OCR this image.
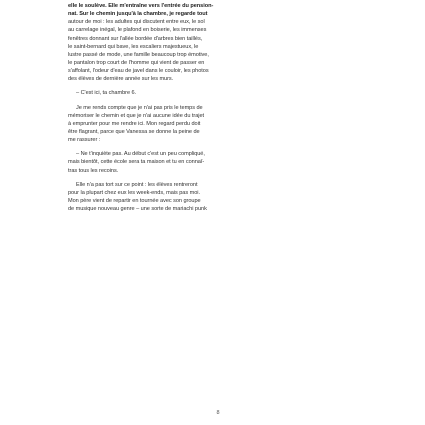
elle le soulève. Elle m'entraîne vers l'entrée du pension-
nat. Sur le chemin jusqu'à la chambre, je regarde tout
autour de moi : les adultes qui discutent entre eux, le sol
au carrelage inégal, le plafond en boiserie, les immenses
fenêtres donnant sur l'allée bordée d'arbres bien taillés,
le saint-bernard qui bave, les escaliers majestueux, le
lustre passé de mode, une famille beaucoup trop émotive,
le pantalon trop court de l'homme qui vient de passer en
s'affolant, l'odeur d'eau de javel dans le couloir, les photos
des élèves de dernière année sur les murs.
– C'est ici, ta chambre 6.
Je me rends compte que je n'ai pas pris le temps de
mémoriser le chemin et que je n'ai aucune idée du trajet
à emprunter pour me rendre ici. Mon regard perdu doit
être flagrant, parce que Vanessa se donne la peine de
me rassurer :
– Ne t'inquiète pas. Au début c'est un peu compliqué,
mais bientôt, cette école sera ta maison et tu en connaî-
tras tous les recoins.
Elle n'a pas tort sur ce point : les élèves rentreront
pour la plupart chez eux les week-ends, mais pas moi.
Mon père vient de repartir en tournée avec son groupe
de musique nouveau genre – une sorte de mariachi punk
8
